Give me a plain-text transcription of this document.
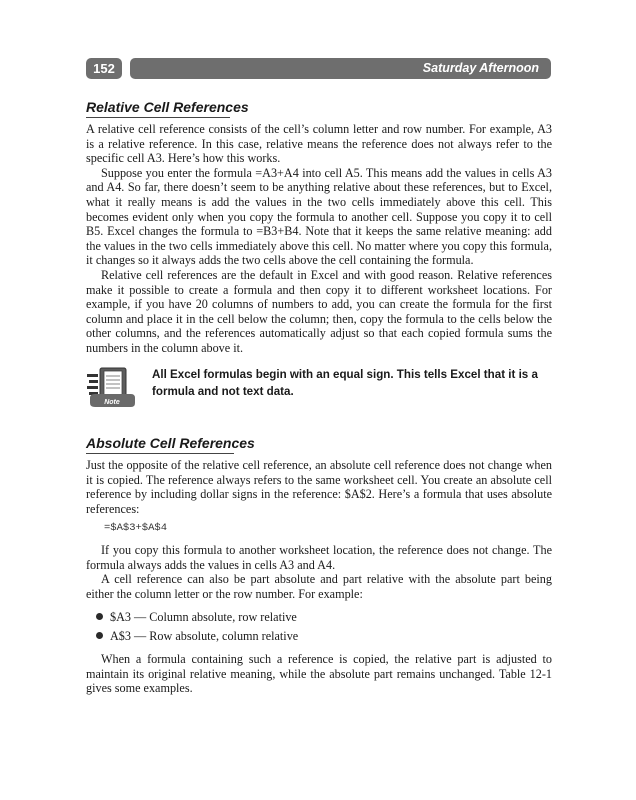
152	Saturday Afternoon
Relative Cell References

A relative cell reference consists of the cell’s column letter and row number. For example, A3 is a relative reference. In this case, relative means the reference does not always refer to the specific cell A3. Here’s how this works.

Suppose you enter the formula =A3+A4 into cell A5. This means add the values in cells A3 and A4. So far, there doesn’t seem to be anything relative about these references, but to Excel, what it really means is add the values in the two cells immediately above this cell. This becomes evident only when you copy the formula to another cell. Suppose you copy it to cell B5. Excel changes the formula to =B3+B4. Note that it keeps the same relative meaning: add the values in the two cells immediately above this cell. No matter where you copy this formula, it changes so it always adds the two cells above the cell containing the formula.

Relative cell references are the default in Excel and with good reason. Relative references make it possible to create a formula and then copy it to different worksheet locations. For example, if you have 20 columns of numbers to add, you can create the formula for the first column and place it in the cell below the column; then, copy the formula to the cells below the other columns, and the references automatically adjust so that each copied formula sums the numbers in the column above it.

Note

All Excel formulas begin with an equal sign. This tells Excel that it is a formula and not text data.

Absolute Cell References
Just the opposite of the relative cell reference, an absolute cell reference does not change when it is copied. The reference always refers to the same worksheet cell. You create an absolute cell reference by including dollar signs in the reference: $A$2. Here’s a formula that uses absolute references:
=$A$3+$A$4

If you copy this formula to another worksheet location, the reference does not change. The formula always adds the values in cells A3 and A4.

A cell reference can also be part absolute and part relative with the absolute part being either the column letter or the row number. For example:

$A3 — Column absolute, row relative
A$3 — Row absolute, column relative
When a formula containing such a reference is copied, the relative part is adjusted to maintain its original relative meaning, while the absolute part remains unchanged. Table 12-1 gives some examples.
